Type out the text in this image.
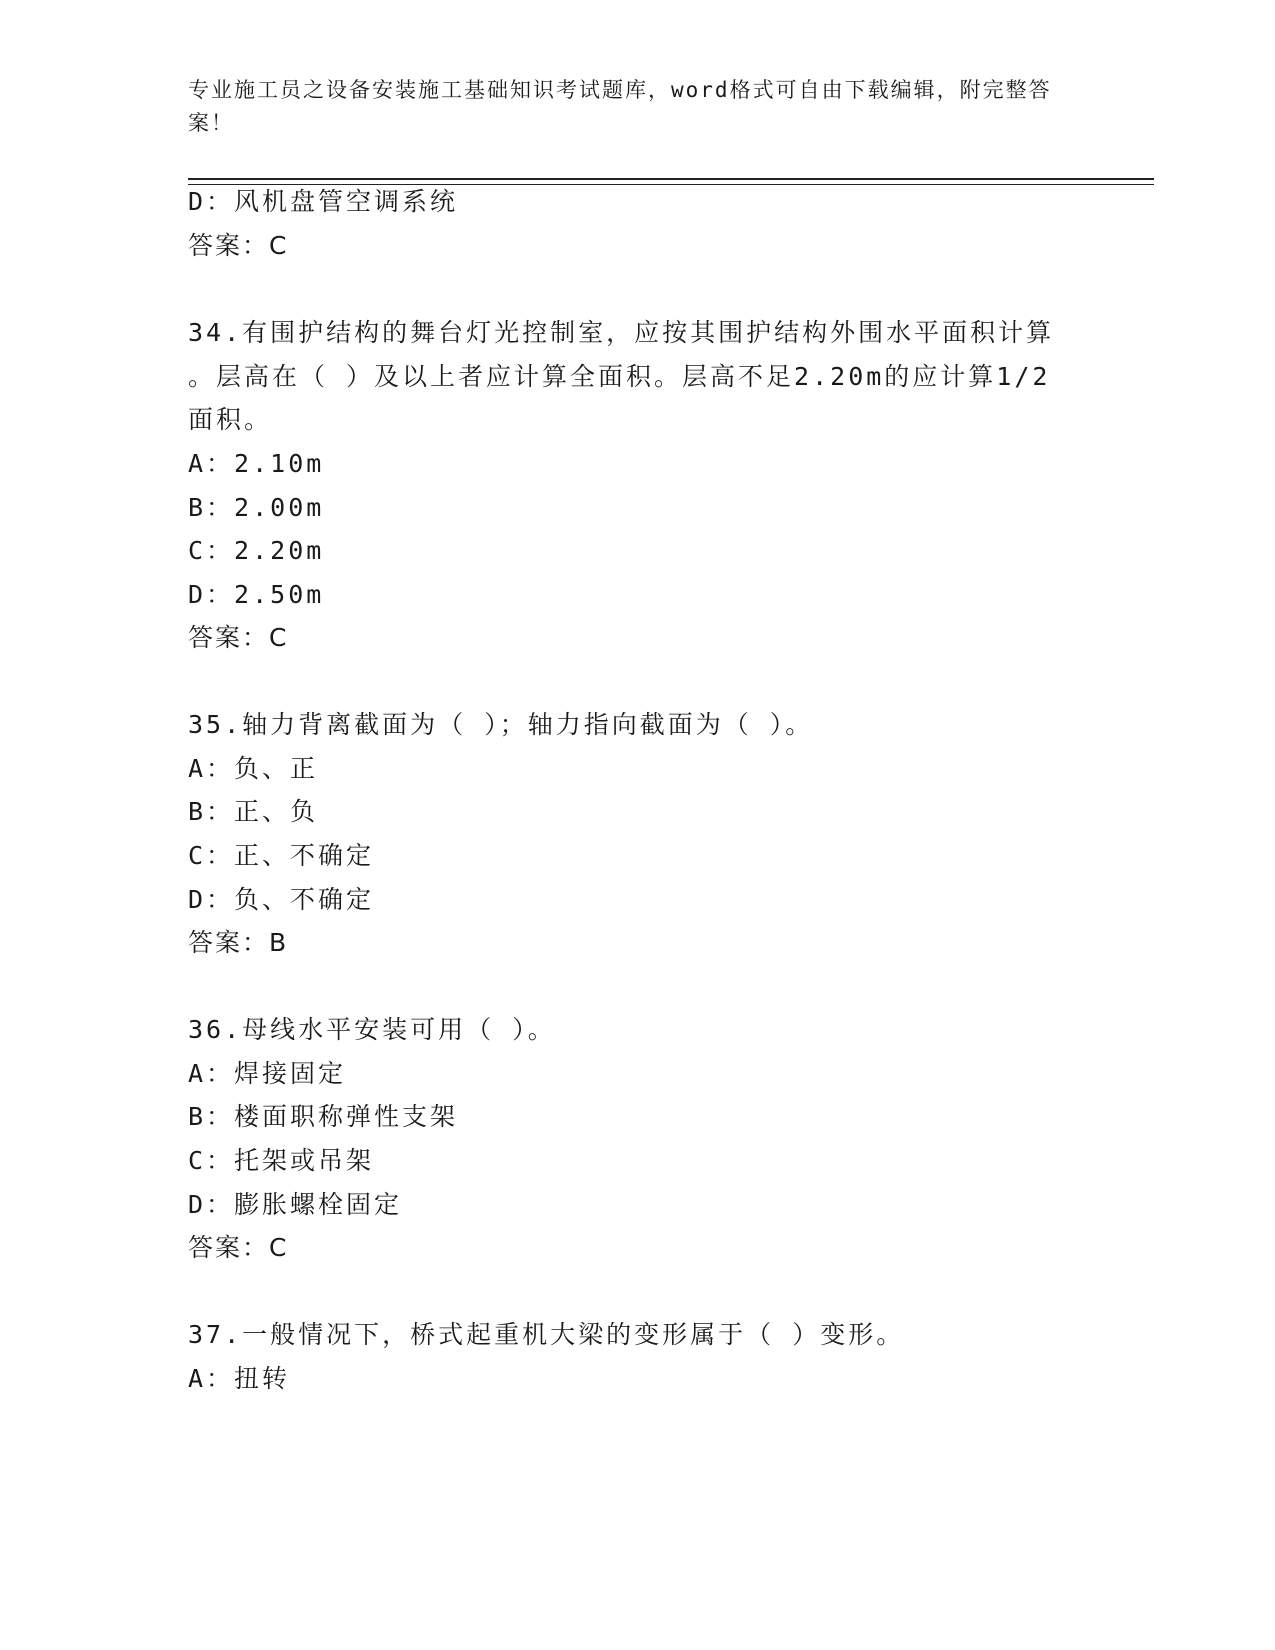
专业施工员之设备安装施工基础知识考试题库，word格式可自由下载编辑，附完整答案！
D：风机盘管空调系统
答案：C
34.有围护结构的舞台灯光控制室，应按其围护结构外围水平面积计算
。层高在（ ）及以上者应计算全面积。层高不足2.20m的应计算1/2
面积。
A：2.10m
B：2.00m
C：2.20m
D：2.50m
答案：C
35.轴力背离截面为（ ）；轴力指向截面为（ ）。
A：负、正
B：正、负
C：正、不确定
D：负、不确定
答案：B
36.母线水平安装可用（ ）。
A：焊接固定
B：楼面职称弹性支架
C：托架或吊架
D：膨胀螺栓固定
答案：C
37.一般情况下，桥式起重机大梁的变形属于（ ）变形。
A：扭转
